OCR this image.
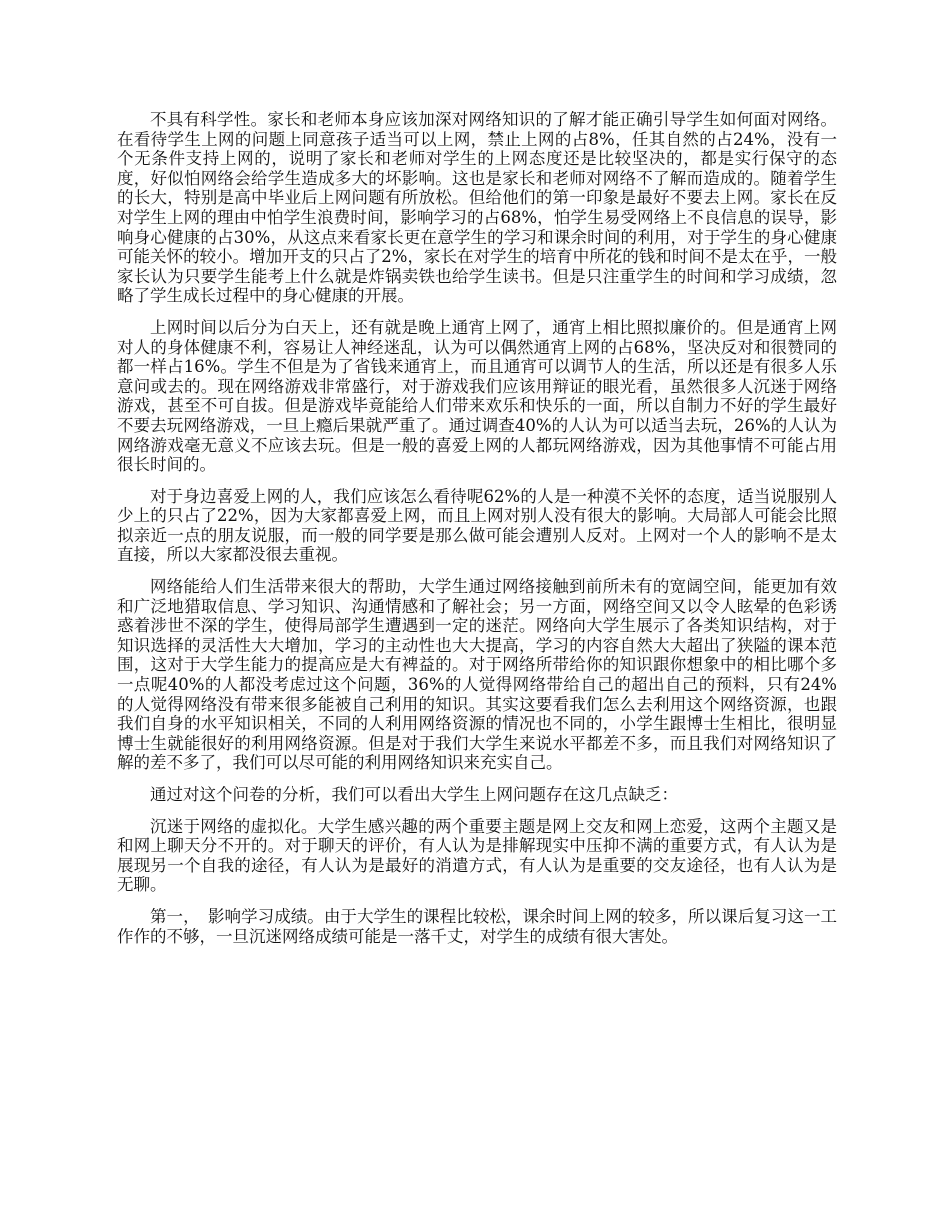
不具有科学性。家长和老师本身应该加深对网络知识的了解才能正确引导学生如何面对网络。在看待学生上网的问题上同意孩子适当可以上网，禁止上网的占8%，任其自然的占24%，没有一个无条件支持上网的，说明了家长和老师对学生的上网态度还是比较坚决的，都是实行保守的态度，好似怕网络会给学生造成多大的坏影响。这也是家长和老师对网络不了解而造成的。随着学生的长大，特别是高中毕业后上网问题有所放松。但给他们的第一印象是最好不要去上网。家长在反对学生上网的理由中怕学生浪费时间，影响学习的占68%，怕学生易受网络上不良信息的误导，影响身心健康的占30%，从这点来看家长更在意学生的学习和课余时间的利用，对于学生的身心健康可能关怀的较小。增加开支的只占了2%，家长在对学生的培育中所花的钱和时间不是太在乎，一般家长认为只要学生能考上什么就是炸锅卖铁也给学生读书。但是只注重学生的时间和学习成绩，忽略了学生成长过程中的身心健康的开展。

上网时间以后分为白天上，还有就是晚上通宵上网了，通宵上相比照拟廉价的。但是通宵上网对人的身体健康不利，容易让人神经迷乱，认为可以偶然通宵上网的占68%，坚决反对和很赞同的都一样占16%。学生不但是为了省钱来通宵上，而且通宵可以调节人的生活，所以还是有很多人乐意问或去的。现在网络游戏非常盛行，对于游戏我们应该用辩证的眼光看，虽然很多人沉迷于网络游戏，甚至不可自拔。但是游戏毕竟能给人们带来欢乐和快乐的一面，所以自制力不好的学生最好不要去玩网络游戏，一旦上瘾后果就严重了。通过调查40%的人认为可以适当去玩，26%的人认为网络游戏毫无意义不应该去玩。但是一般的喜爱上网的人都玩网络游戏，因为其他事情不可能占用很长时间的。

对于身边喜爱上网的人，我们应该怎么看待呢62%的人是一种漠不关怀的态度，适当说服别人少上的只占了22%，因为大家都喜爱上网，而且上网对别人没有很大的影响。大局部人可能会比照拟亲近一点的朋友说服，而一般的同学要是那么做可能会遭别人反对。上网对一个人的影响不是太直接，所以大家都没很去重视。

网络能给人们生活带来很大的帮助，大学生通过网络接触到前所未有的宽阔空间，能更加有效和广泛地猎取信息、学习知识、沟通情感和了解社会；另一方面，网络空间又以令人眩晕的色彩诱惑着涉世不深的学生，使得局部学生遭遇到一定的迷茫。网络向大学生展示了各类知识结构，对于知识选择的灵活性大大增加，学习的主动性也大大提高，学习的内容自然大大超出了狭隘的课本范围，这对于大学生能力的提高应是大有裨益的。对于网络所带给你的知识跟你想象中的相比哪个多一点呢40%的人都没考虑过这个问题，36%的人觉得网络带给自己的超出自己的预料，只有24%的人觉得网络没有带来很多能被自己利用的知识。其实这要看我们怎么去利用这个网络资源，也跟我们自身的水平知识相关，不同的人利用网络资源的情况也不同的，小学生跟博士生相比，很明显博士生就能很好的利用网络资源。但是对于我们大学生来说水平都差不多，而且我们对网络知识了解的差不多了，我们可以尽可能的利用网络知识来充实自己。

通过对这个问卷的分析，我们可以看出大学生上网问题存在这几点缺乏：

沉迷于网络的虚拟化。大学生感兴趣的两个重要主题是网上交友和网上恋爱，这两个主题又是和网上聊天分不开的。对于聊天的评价，有人认为是排解现实中压抑不满的重要方式，有人认为是展现另一个自我的途径，有人认为是最好的消遣方式，有人认为是重要的交友途径，也有人认为是无聊。

第一，　影响学习成绩。由于大学生的课程比较松，课余时间上网的较多，所以课后复习这一工作作的不够，一旦沉迷网络成绩可能是一落千丈，对学生的成绩有很大害处。
